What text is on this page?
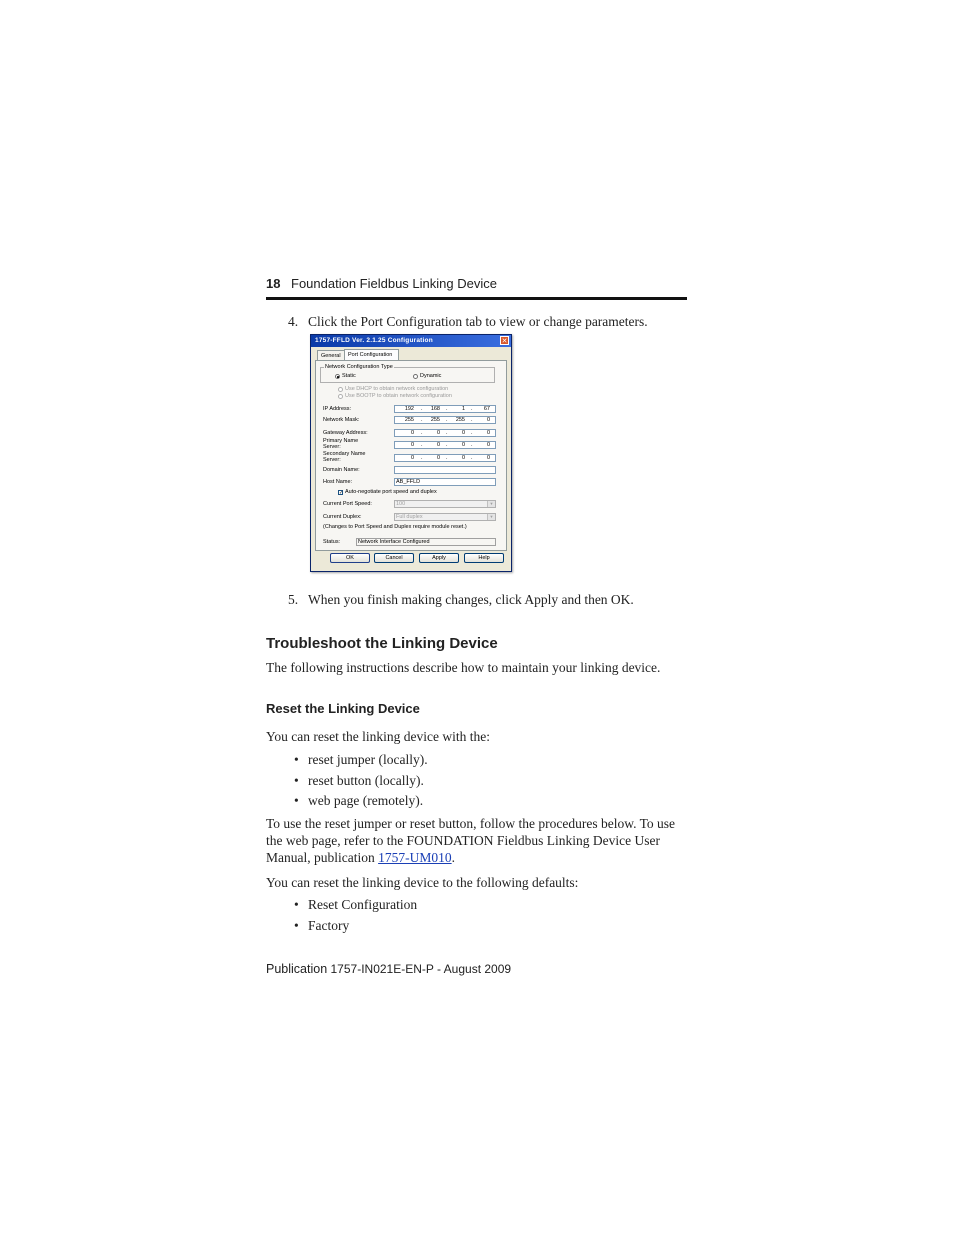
18 Foundation Fieldbus Linking Device
4. Click the Port Configuration tab to view or change parameters.
1757-FFLD Ver. 2.1.25 Configuration	✕
General	Port Configuration
Static	Dynamic
Network Configuration Type
Use DHCP to obtain network configuration
Use BOOTP to obtain network configuration
IP Address:	192 .	168 .	1 .	67
Network Mask:	255 .	255 .	255 .	0
Gateway Address:	0 .	0 .	0 .	0
Primary Name
Server:	0 .	0 .	0 .	0
Secondary Name
Server:	0 .	0 .	0 .	0
Domain Name:
Host Name:	AB_FFLD
✓ Auto-negotiate port speed and duplex
Current Port Speed:	100	▼
Current Duplex:	Full duplex	▼
(Changes to Port Speed and Duplex require module reset.)
Status:	Network Interface Configured
OK	Cancel	Apply	Help
5. When you finish making changes, click Apply and then OK.
Troubleshoot the Linking Device
The following instructions describe how to maintain your linking device.
Reset the Linking Device
You can reset the linking device with the:
• reset jumper (locally).
• reset button (locally).
• web page (remotely).
To use the reset jumper or reset button, follow the procedures below. To use the web page, refer to the FOUNDATION Fieldbus Linking Device User Manual, publication 1757-UM010.
You can reset the linking device to the following defaults:
• Reset Configuration
• Factory
Publication 1757-IN021E-EN-P - August 2009
